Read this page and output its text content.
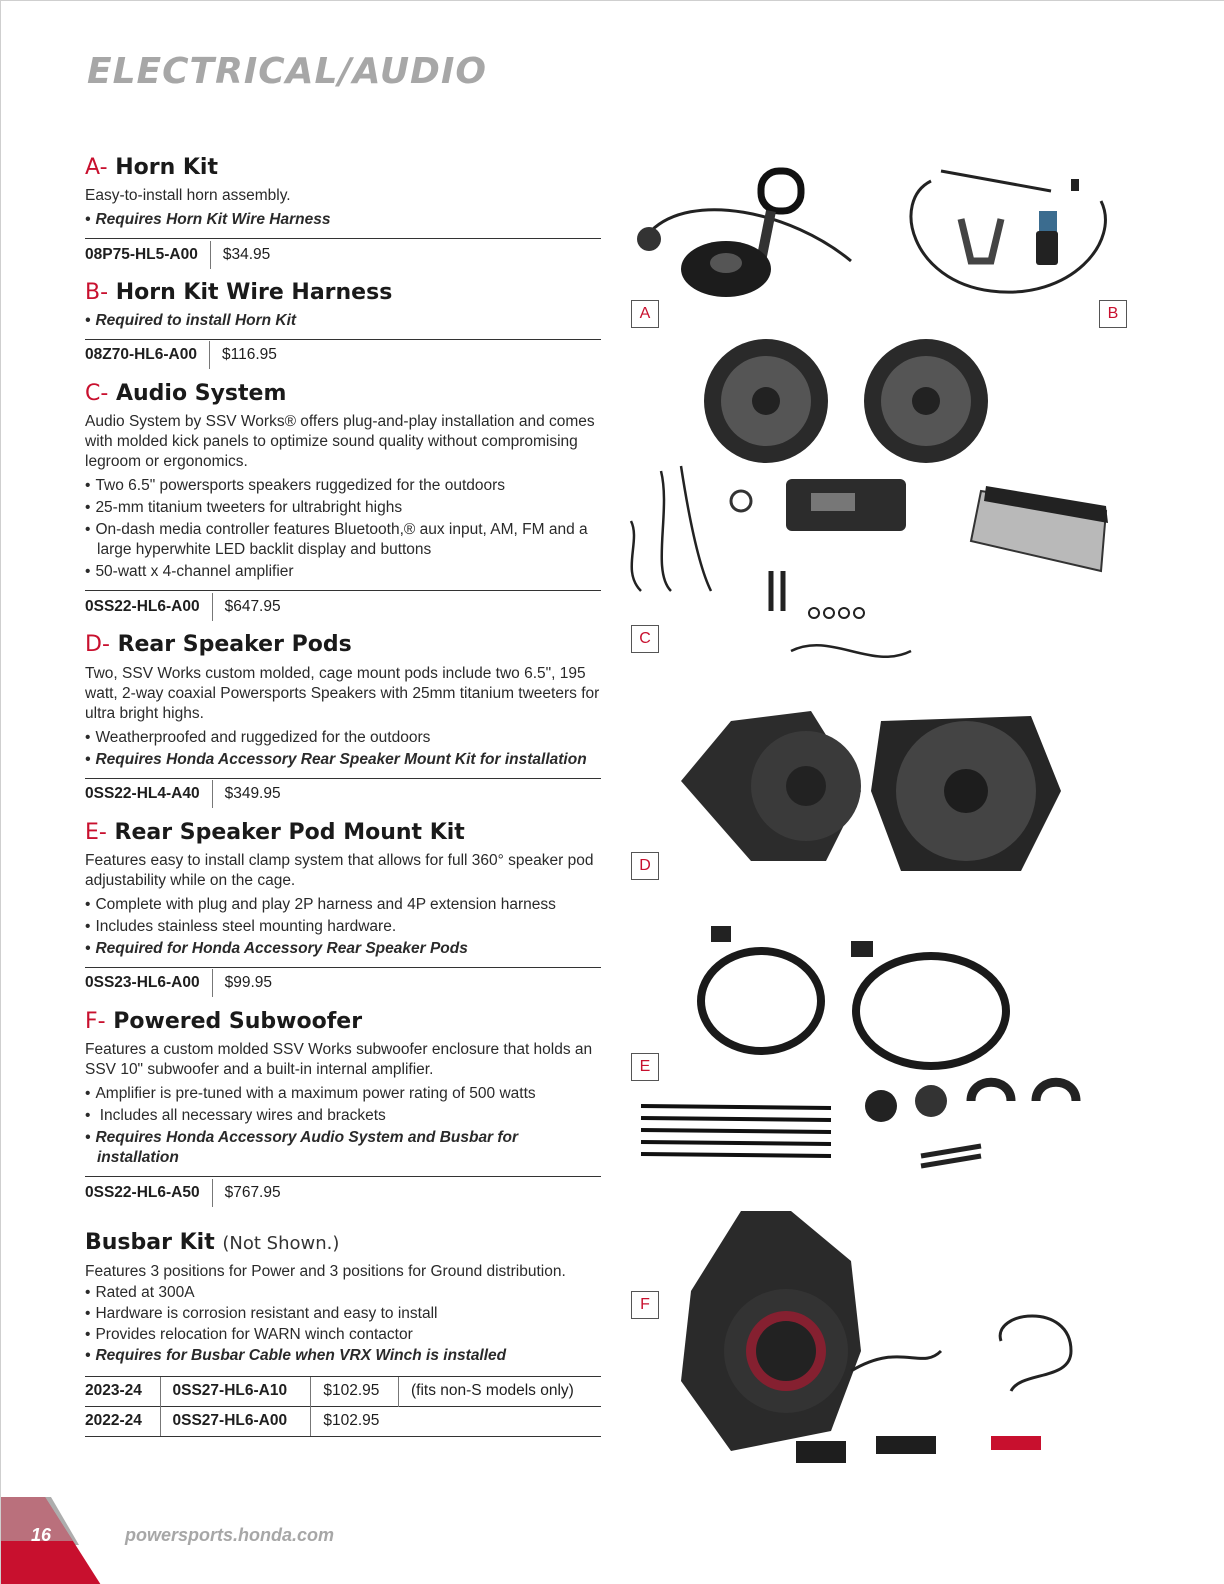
ELECTRICAL/AUDIO
A- Horn Kit
Easy-to-install horn assembly.
• Requires Horn Kit Wire Harness
08P75-HL5-A00	$34.95
B- Horn Kit Wire Harness
• Required to install Horn Kit
08Z70-HL6-A00	$116.95
C- Audio System
Audio System by SSV Works® offers plug-and-play installation and comes with molded kick panels to optimize sound quality without compromising legroom or ergonomics.
• Two 6.5" powersports speakers ruggedized for the outdoors
• 25-mm titanium tweeters for ultrabright highs
• On-dash media controller features Bluetooth,® aux input, AM, FM and a large hyperwhite LED backlit display and buttons
• 50-watt x 4-channel amplifier
0SS22-HL6-A00	$647.95
D- Rear Speaker Pods
Two, SSV Works custom molded, cage mount pods include two 6.5", 195 watt, 2-way coaxial Powersports Speakers with 25mm titanium tweeters for ultra bright highs.
• Weatherproofed and ruggedized for the outdoors
• Requires Honda Accessory Rear Speaker Mount Kit for installation
0SS22-HL4-A40	$349.95
E- Rear Speaker Pod Mount Kit
Features easy to install clamp system that allows for full 360° speaker pod adjustability while on the cage.
• Complete with plug and play 2P harness and 4P extension harness
• Includes stainless steel mounting hardware.
• Required for Honda Accessory Rear Speaker Pods
0SS23-HL6-A00	$99.95
F- Powered Subwoofer
Features a custom molded SSV Works subwoofer enclosure that holds an SSV 10" subwoofer and a built-in internal amplifier.
• Amplifier is pre-tuned with a maximum power rating of 500 watts
• Includes all necessary wires and brackets
• Requires Honda Accessory Audio System and Busbar for installation
0SS22-HL6-A50	$767.95
Busbar Kit (Not Shown.)
Features 3 positions for Power and 3 positions for Ground distribution.
• Rated at 300A
• Hardware is corrosion resistant and easy to install
• Provides relocation for WARN winch contactor
• Requires for Busbar Cable when VRX Winch is installed
2023-24	0SS27-HL6-A10	$102.95	(fits non-S models only)
2022-24	0SS27-HL6-A00	$102.95	
A	B
C
D
E
F
16	powersports.honda.com
